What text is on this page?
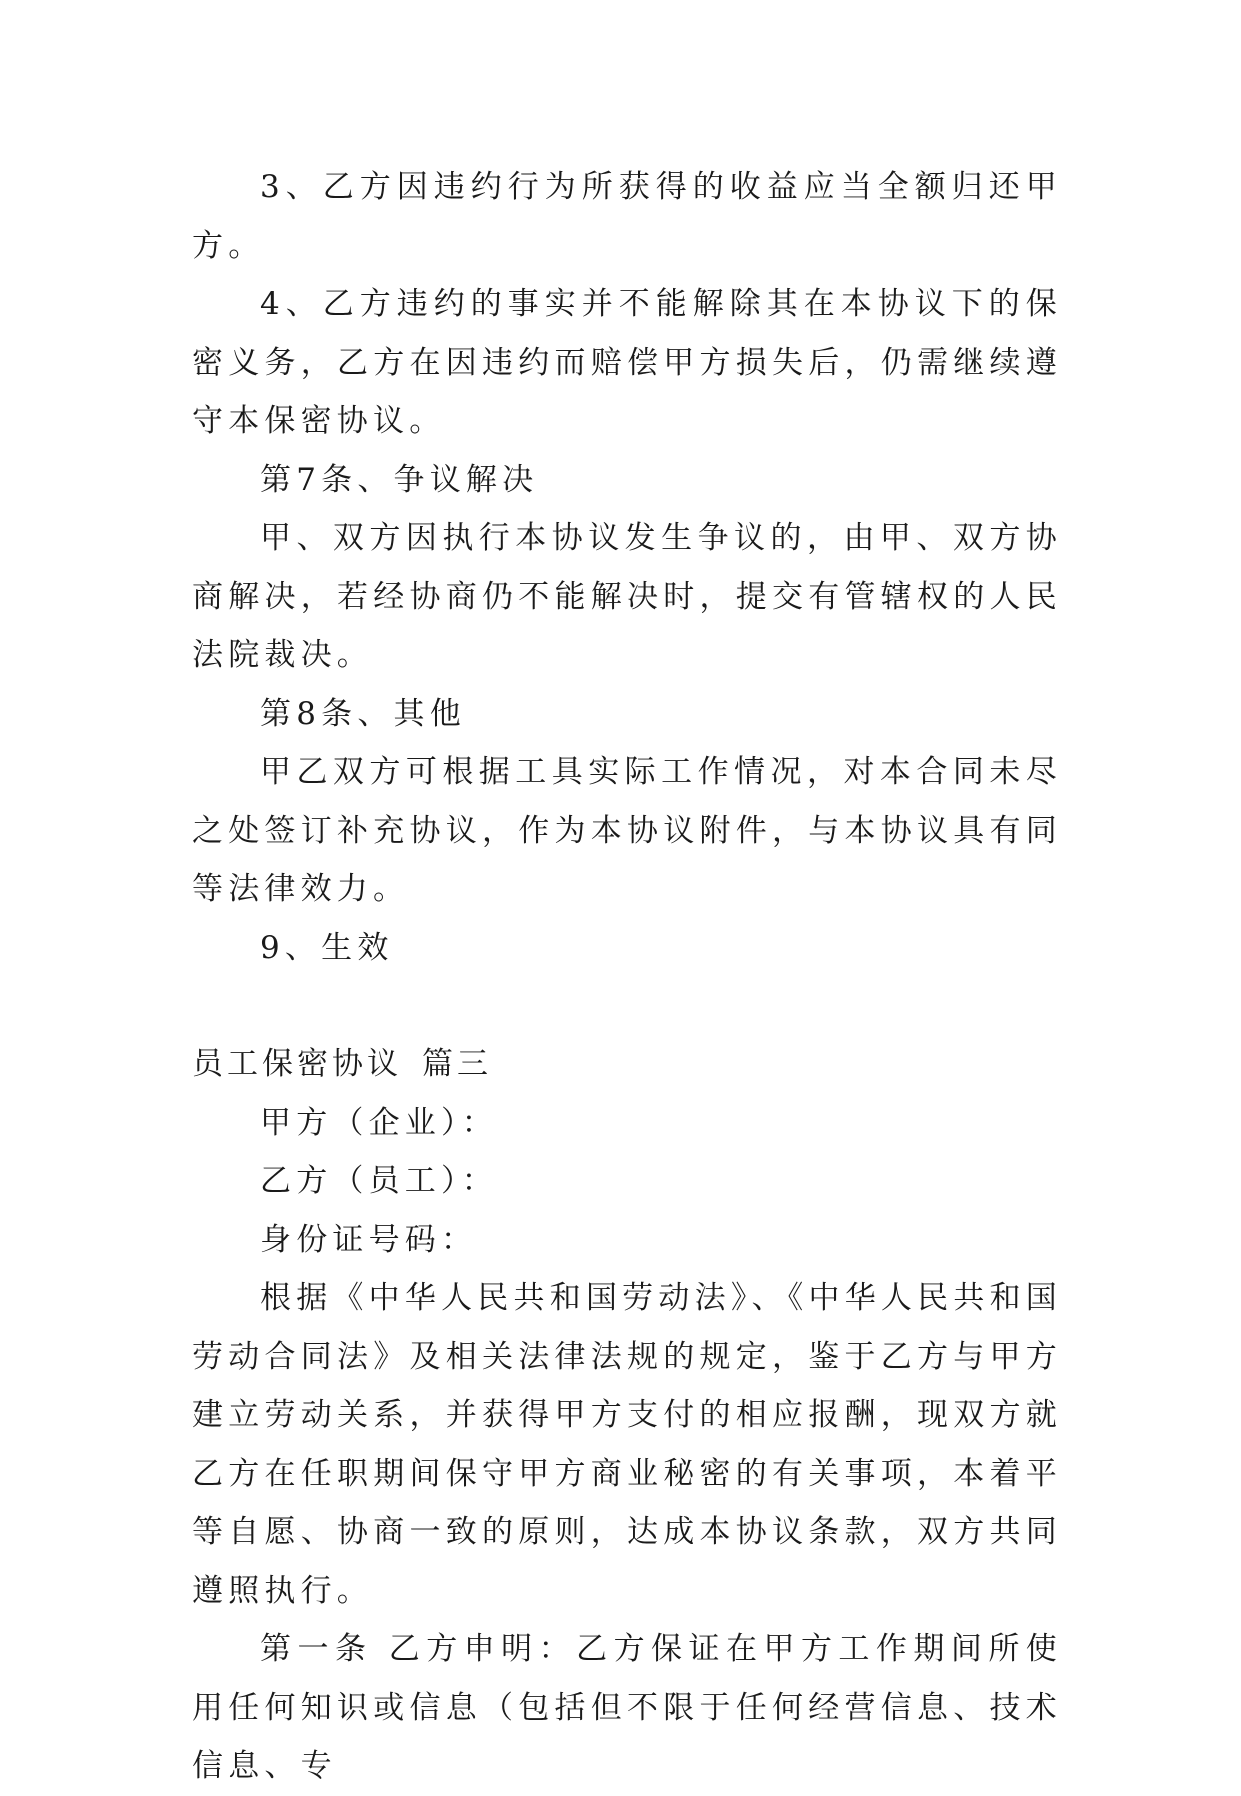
3、乙方因违约行为所获得的收益应当全额归还甲方。

4、乙方违约的事实并不能解除其在本协议下的保密义务，乙方在因违约而赔偿甲方损失后，仍需继续遵守本保密协议。

第7条、争议解决

甲、双方因执行本协议发生争议的，由甲、双方协商解决，若经协商仍不能解决时，提交有管辖权的人民法院裁决。

第8条、其他

甲乙双方可根据工具实际工作情况，对本合同未尽之处签订补充协议，作为本协议附件，与本协议具有同等法律效力。

9、生效

员工保密协议 篇三

甲方（企业）：

乙方（员工）：

身份证号码：

根据《中华人民共和国劳动法》、《中华人民共和国劳动合同法》及相关法律法规的规定，鉴于乙方与甲方建立劳动关系，并获得甲方支付的相应报酬，现双方就乙方在任职期间保守甲方商业秘密的有关事项，本着平等自愿、协商一致的原则，达成本协议条款，双方共同遵照执行。

第一条 乙方申明：乙方保证在甲方工作期间所使用任何知识或信息（包括但不限于任何经营信息、技术信息、专
